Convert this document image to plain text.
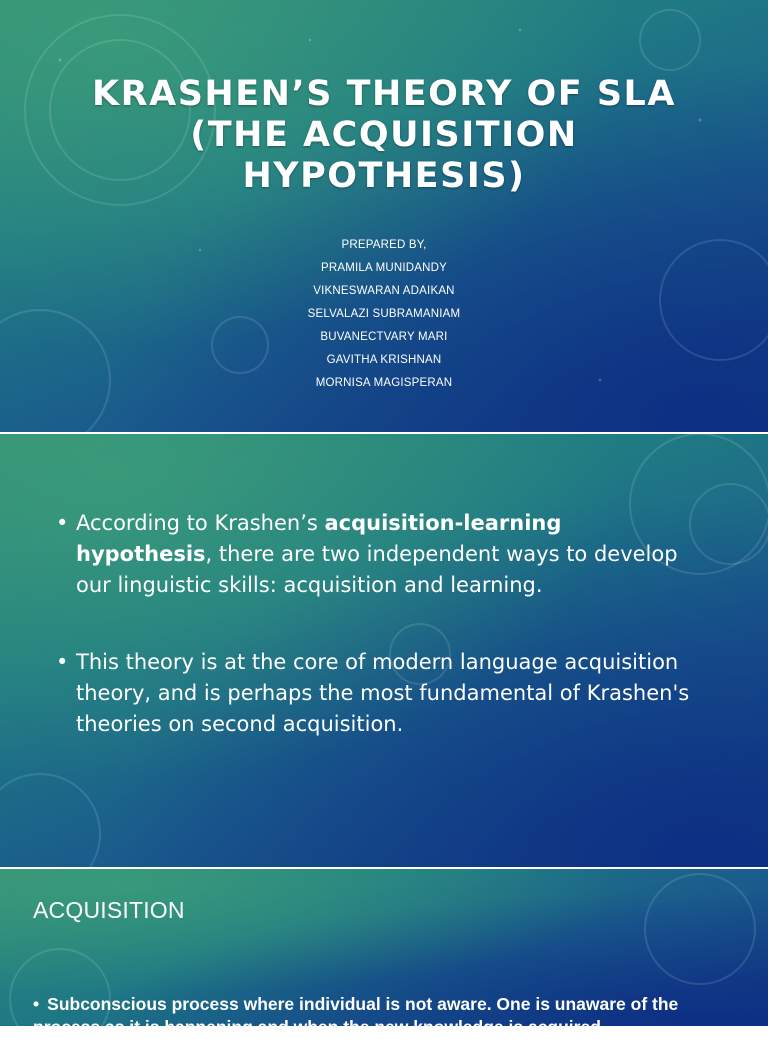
KRASHEN’S THEORY OF SLA
(THE ACQUISITION
HYPOTHESIS)
PREPARED BY,
PRAMILA MUNIDANDY
VIKNESWARAN ADAIKAN
SELVALAZI SUBRAMANIAM
BUVANECTVARY MARI
GAVITHA KRISHNAN
MORNISA MAGISPERAN
• According to Krashen’s acquisition-learning hypothesis, there are two independent ways to develop our linguistic skills: acquisition and learning.
• This theory is at the core of modern language acquisition theory, and is perhaps the most fundamental of Krashen's theories on second acquisition.
ACQUISITION
• Subconscious process where individual is not aware. One is unaware of the process as it is happening and when the new knowledge is acquired
